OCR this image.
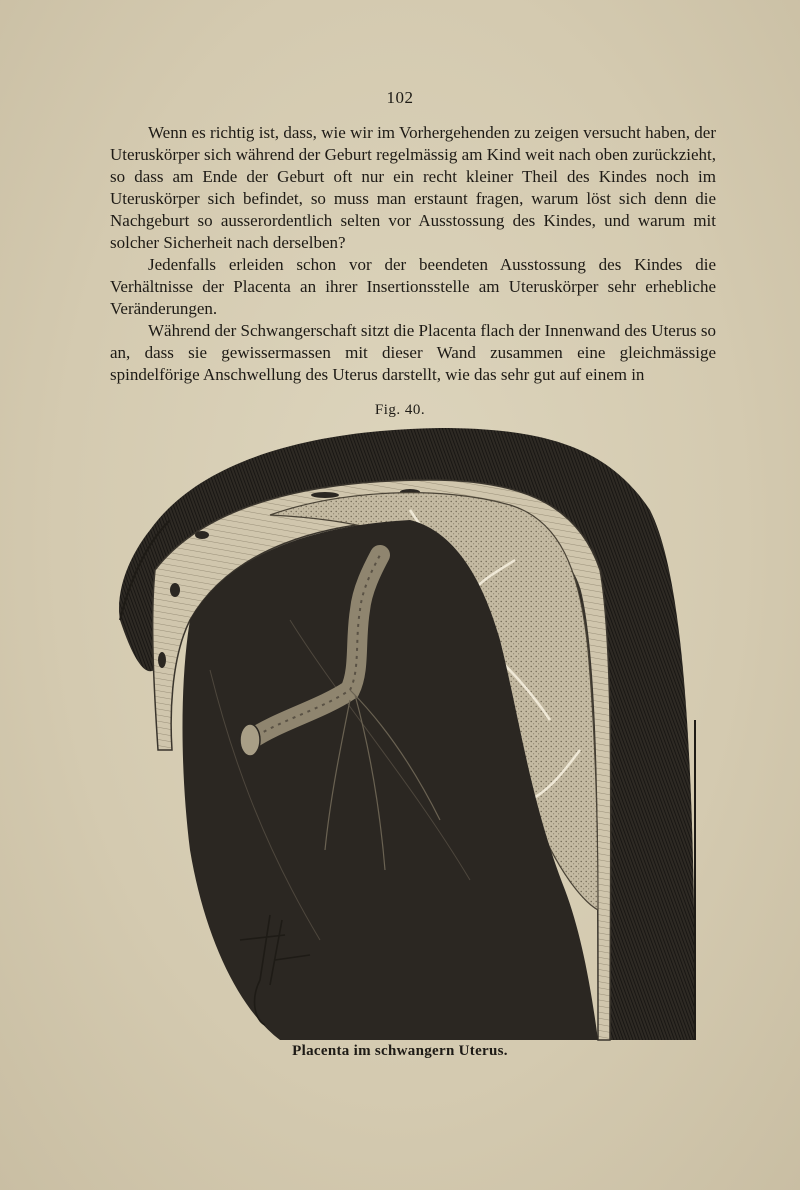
102

Wenn es richtig ist, dass, wie wir im Vorhergehenden zu zeigen versucht haben, der Uteruskörper sich während der Geburt regelmässig am Kind weit nach oben zurückzieht, so dass am Ende der Geburt oft nur ein recht kleiner Theil des Kindes noch im Uteruskörper sich befindet, so muss man erstaunt fragen, warum löst sich denn die Nachgeburt so ausserordentlich selten vor Ausstossung des Kindes, und warum mit solcher Sicherheit nach derselben?

Jedenfalls erleiden schon vor der beendeten Ausstossung des Kindes die Verhältnisse der Placenta an ihrer Insertionsstelle am Uteruskörper sehr erhebliche Veränderungen.

Während der Schwangerschaft sitzt die Placenta flach der Innenwand des Uterus so an, dass sie gewissermassen mit dieser Wand zusammen eine gleichmässige spindelförige Anschwellung des Uterus darstellt, wie das sehr gut auf einem in

Fig. 40.
Placenta im schwangern Uterus.
